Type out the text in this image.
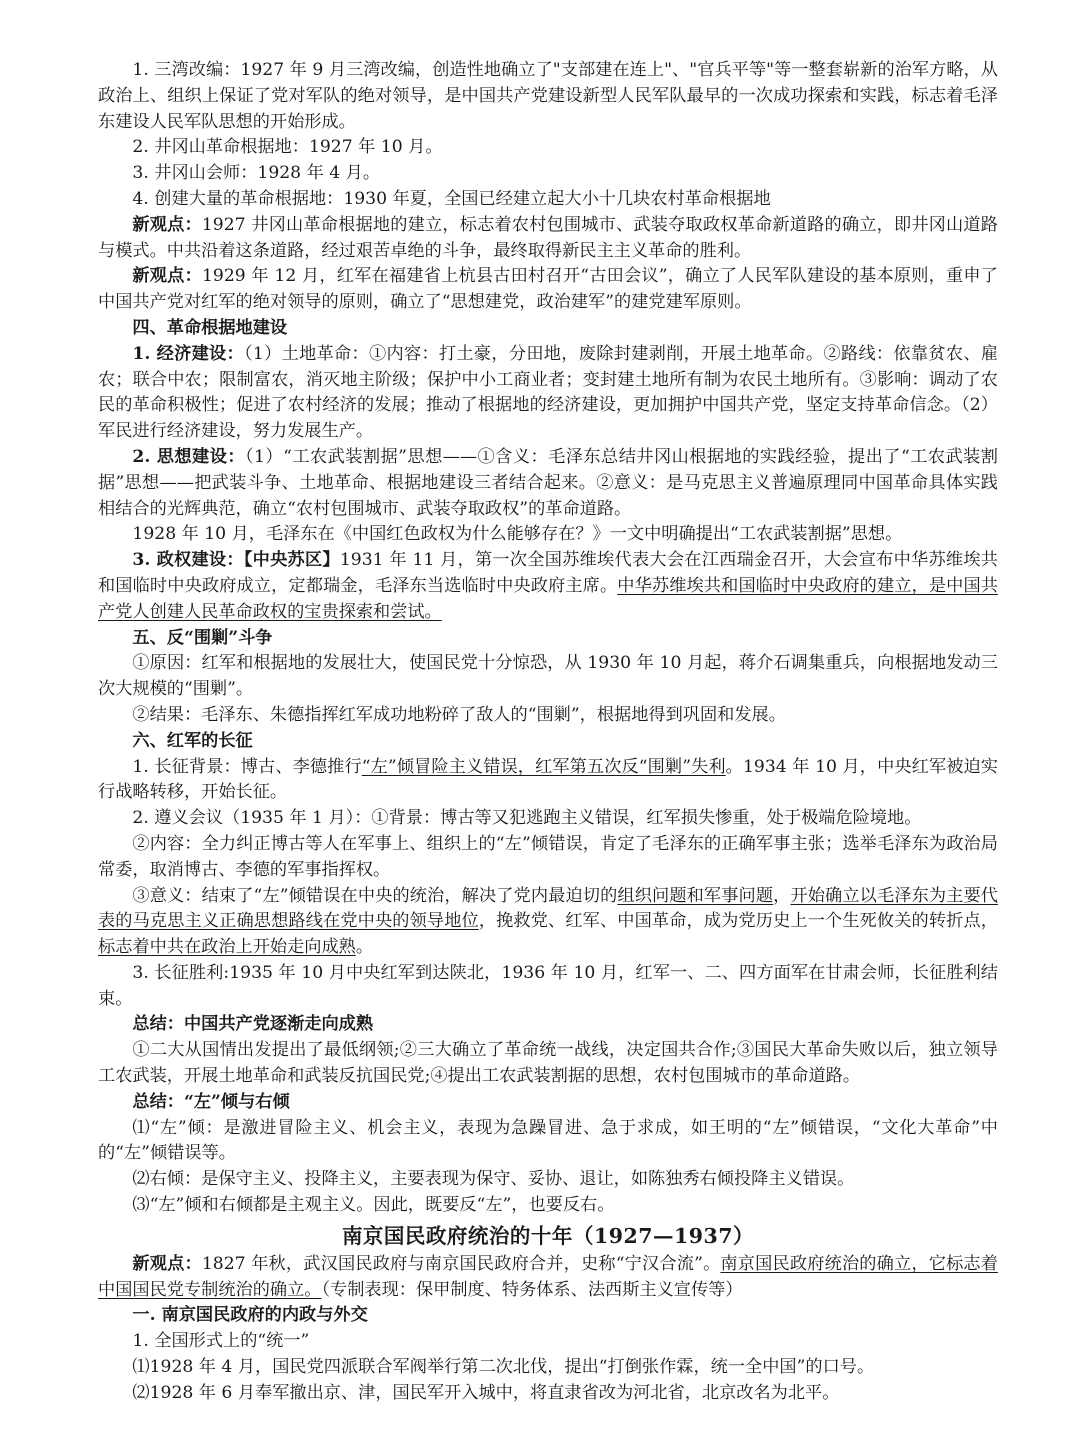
1. 三湾改编：1927 年 9 月三湾改编，创造性地确立了"支部建在连上"、"官兵平等"等一整套崭新的治军方略，从政治上、组织上保证了党对军队的绝对领导，是中国共产党建设新型人民军队最早的一次成功探索和实践，标志着毛泽东建设人民军队思想的开始形成。

2. 井冈山革命根据地：1927 年 10 月。

3. 井冈山会师：1928 年 4 月。

4. 创建大量的革命根据地：1930 年夏，全国已经建立起大小十几块农村革命根据地

新观点：1927 井冈山革命根据地的建立，标志着农村包围城市、武装夺取政权革命新道路的确立，即井冈山道路与模式。中共沿着这条道路，经过艰苦卓绝的斗争，最终取得新民主主义革命的胜利。

新观点：1929 年 12 月，红军在福建省上杭县古田村召开“古田会议”，确立了人民军队建设的基本原则，重申了中国共产党对红军的绝对领导的原则，确立了“思想建党，政治建军”的建党建军原则。

四、革命根据地建设

1. 经济建设：（1）土地革命：①内容：打土豪，分田地，废除封建剥削，开展土地革命。②路线：依靠贫农、雇农；联合中农；限制富农，消灭地主阶级；保护中小工商业者；变封建土地所有制为农民土地所有。③影响：调动了农民的革命积极性；促进了农村经济的发展；推动了根据地的经济建设，更加拥护中国共产党，坚定支持革命信念。（2）军民进行经济建设，努力发展生产。

2. 思想建设：（1）“工农武装割据”思想——①含义：毛泽东总结井冈山根据地的实践经验，提出了“工农武装割据”思想——把武装斗争、土地革命、根据地建设三者结合起来。②意义：是马克思主义普遍原理同中国革命具体实践相结合的光辉典范，确立“农村包围城市、武装夺取政权”的革命道路。

1928 年 10 月，毛泽东在《中国红色政权为什么能够存在？》一文中明确提出“工农武装割据”思想。

3. 政权建设：【中央苏区】1931 年 11 月，第一次全国苏维埃代表大会在江西瑞金召开，大会宣布中华苏维埃共和国临时中央政府成立，定都瑞金，毛泽东当选临时中央政府主席。中华苏维埃共和国临时中央政府的建立，是中国共产党人创建人民革命政权的宝贵探索和尝试。

五、反“围剿”斗争

①原因：红军和根据地的发展壮大，使国民党十分惊恐，从 1930 年 10 月起，蒋介石调集重兵，向根据地发动三次大规模的“围剿”。

②结果：毛泽东、朱德指挥红军成功地粉碎了敌人的“围剿”，根据地得到巩固和发展。

六、红军的长征

1. 长征背景：博古、李德推行“左”倾冒险主义错误，红军第五次反“围剿”失利。1934 年 10 月，中央红军被迫实行战略转移，开始长征。

2. 遵义会议（1935 年 1 月）：①背景：博古等又犯逃跑主义错误，红军损失惨重，处于极端危险境地。

②内容：全力纠正博古等人在军事上、组织上的“左”倾错误，肯定了毛泽东的正确军事主张；选举毛泽东为政治局常委，取消博古、李德的军事指挥权。

③意义：结束了“左”倾错误在中央的统治，解决了党内最迫切的组织问题和军事问题，开始确立以毛泽东为主要代表的马克思主义正确思想路线在党中央的领导地位，挽救党、红军、中国革命，成为党历史上一个生死攸关的转折点，标志着中共在政治上开始走向成熟。

3. 长征胜利:1935 年 10 月中央红军到达陕北，1936 年 10 月，红军一、二、四方面军在甘肃会师，长征胜利结束。

总结：中国共产党逐渐走向成熟

①二大从国情出发提出了最低纲领;②三大确立了革命统一战线，决定国共合作;③国民大革命失败以后，独立领导工农武装，开展土地革命和武装反抗国民党;④提出工农武装割据的思想，农村包围城市的革命道路。

总结：“左”倾与右倾

⑴“左”倾：是激进冒险主义、机会主义，表现为急躁冒进、急于求成，如王明的“左”倾错误，“文化大革命”中的“左”倾错误等。

⑵右倾：是保守主义、投降主义，主要表现为保守、妥协、退让，如陈独秀右倾投降主义错误。

⑶“左”倾和右倾都是主观主义。因此，既要反“左”，也要反右。

南京国民政府统治的十年（1927—1937）

新观点：1827 年秋，武汉国民政府与南京国民政府合并，史称“宁汉合流”。南京国民政府统治的确立，它标志着中国国民党专制统治的确立。（专制表现：保甲制度、特务体系、法西斯主义宣传等）

一. 南京国民政府的内政与外交

1. 全国形式上的“统一”

⑴1928 年 4 月，国民党四派联合军阀举行第二次北伐，提出“打倒张作霖，统一全中国”的口号。

⑵1928 年 6 月奉军撤出京、津，国民军开入城中，将直隶省改为河北省，北京改名为北平。
